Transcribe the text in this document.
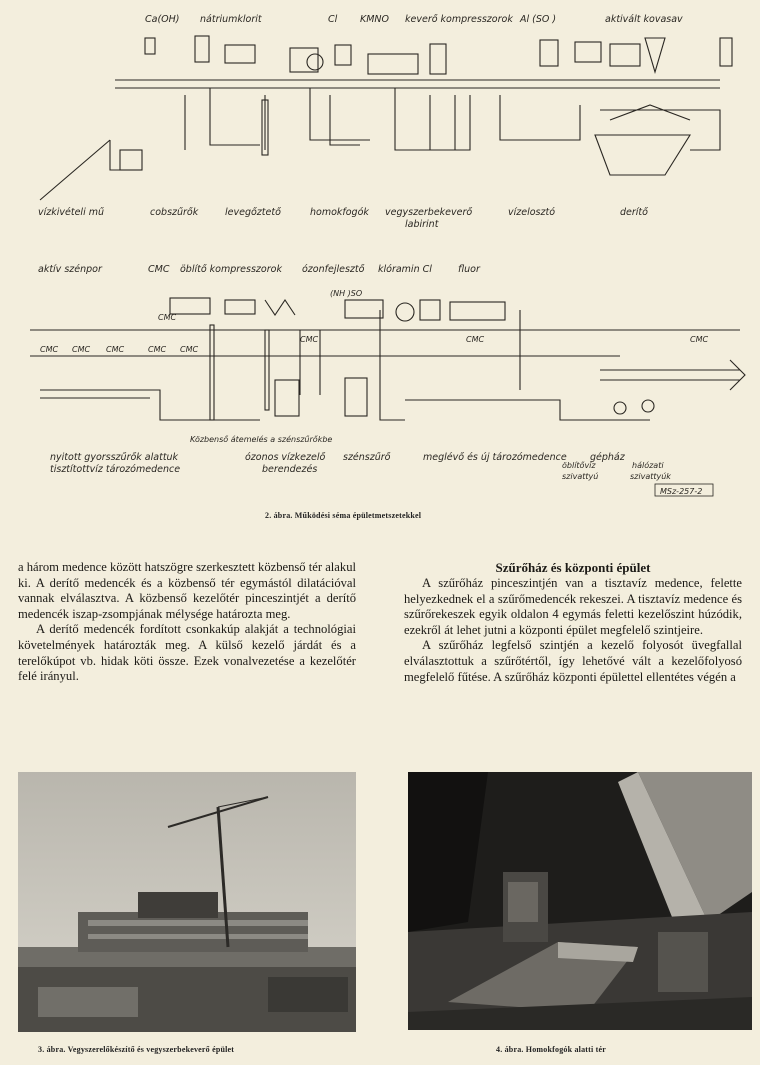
Ca(OH) nátriumklorit	Cl KMNO keverő kompresszorok Al (SO )	aktivált kovasav
vízkivételi mű	cobszűrők	levegőztető	homokfogók vegyszerbekeverő
labirint
vízelosztó	derítő
aktív szénpor	CMC öblítő kompresszorok ózonfejlesztő klóramin Cl	fluor
(NH )SO
CMC CMC CMC	CMC CMC
CMC
CMC	CMC	CMC
Közbenső átemelés a szénszűrőkbe
nyitott gyorsszűrők alattuk
tisztítottvíz tározómedence
ózonos vízkezelő
berendezés
szénszűrő	meglévő és új tározómedence gépház
öblítővíz
szivattyú
hálózati
szivattyúk
MSz-257-2
2. ábra. Működési séma épületmetszetekkel

a három medence között hatszögre szerkesztett közbenső tér alakul ki. A derítő medencék és a közbenső tér egymástól dilatációval vannak elválasztva. A közbenső kezelőtér pinceszintjét a derítő medencék iszap-zsompjának mélysége határozta meg.

A derítő medencék fordított csonkakúp alakját a technológiai követelmények határozták meg. A külső kezelő járdát és a terelőkúpot vb. hidak köti össze. Ezek vonalvezetése a kezelőtér felé irányul.

Szűrőház és központi épület

A szűrőház pinceszintjén van a tisztavíz medence, felette helyezkednek el a szűrőmedencék rekeszei. A tisztavíz medence és szűrőrekeszek egyik oldalon 4 egymás feletti kezelőszint húzódik, ezekről át lehet jutni a központi épület megfelelő szintjeire.

A szűrőház legfelső szintjén a kezelő folyosót üvegfallal elválasztottuk a szűrőtértől, így lehetővé vált a kezelőfolyosó megfelelő fűtése. A szűrőház központi épülettel ellentétes végén a

3. ábra. Vegyszerelőkészítő és vegyszerbekeverő épület	4. ábra. Homokfogók alatti tér
